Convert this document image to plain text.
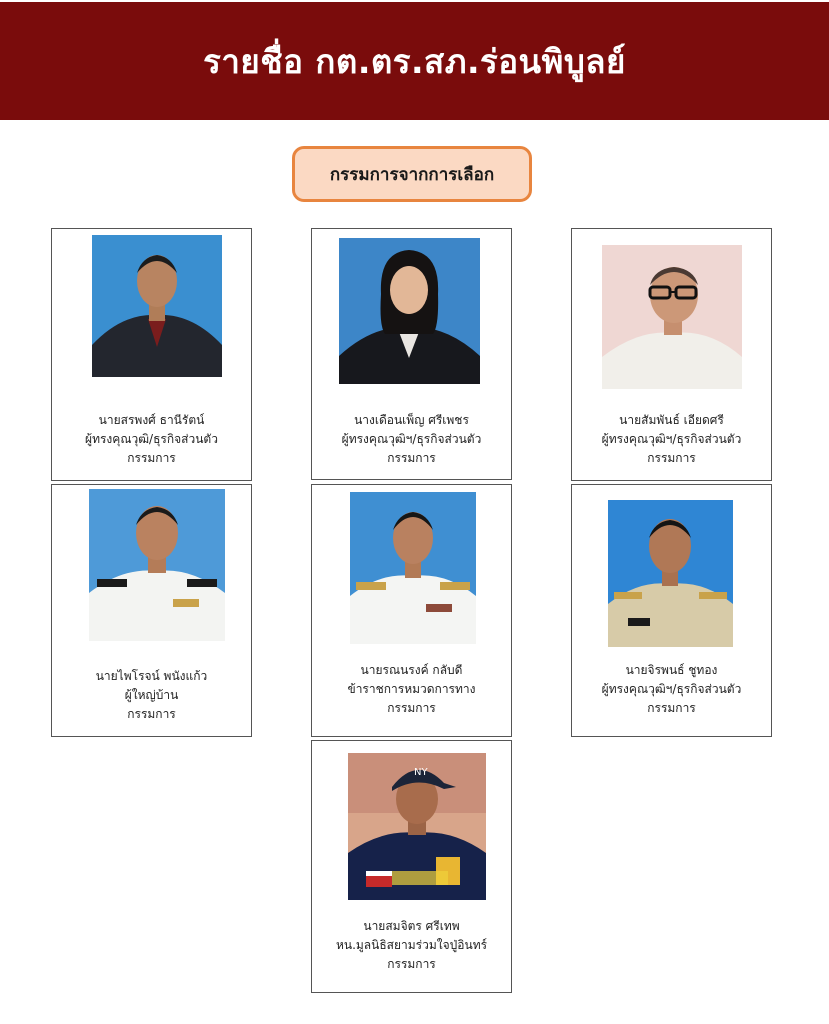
รายชื่อ กต.ตร.สภ.ร่อนพิบูลย์
กรรมการจากการเลือก
นายสรพงศ์ ธานีรัตน์
ผู้ทรงคุณวุฒิ/ธุรกิจส่วนตัว
กรรมการ
นางเดือนเพ็ญ ศรีเพชร
ผู้ทรงคุณวุฒิฯ/ธุรกิจส่วนตัว
กรรมการ
นายสัมพันธ์ เอียดศรี
ผู้ทรงคุณวุฒิฯ/ธุรกิจส่วนตัว
กรรมการ
นายไพโรจน์ พนังแก้ว
ผู้ใหญ่บ้าน
กรรมการ
นายรณนรงค์ กลับดี
ข้าราชการหมวดการทาง
กรรมการ
นายจิรพนธ์ ชูทอง
ผู้ทรงคุณวุฒิฯ/ธุรกิจส่วนตัว
กรรมการ
NY
นายสมจิตร ศรีเทพ
หน.มูลนิธิสยามร่วมใจปู่อินทร์
กรรมการ
